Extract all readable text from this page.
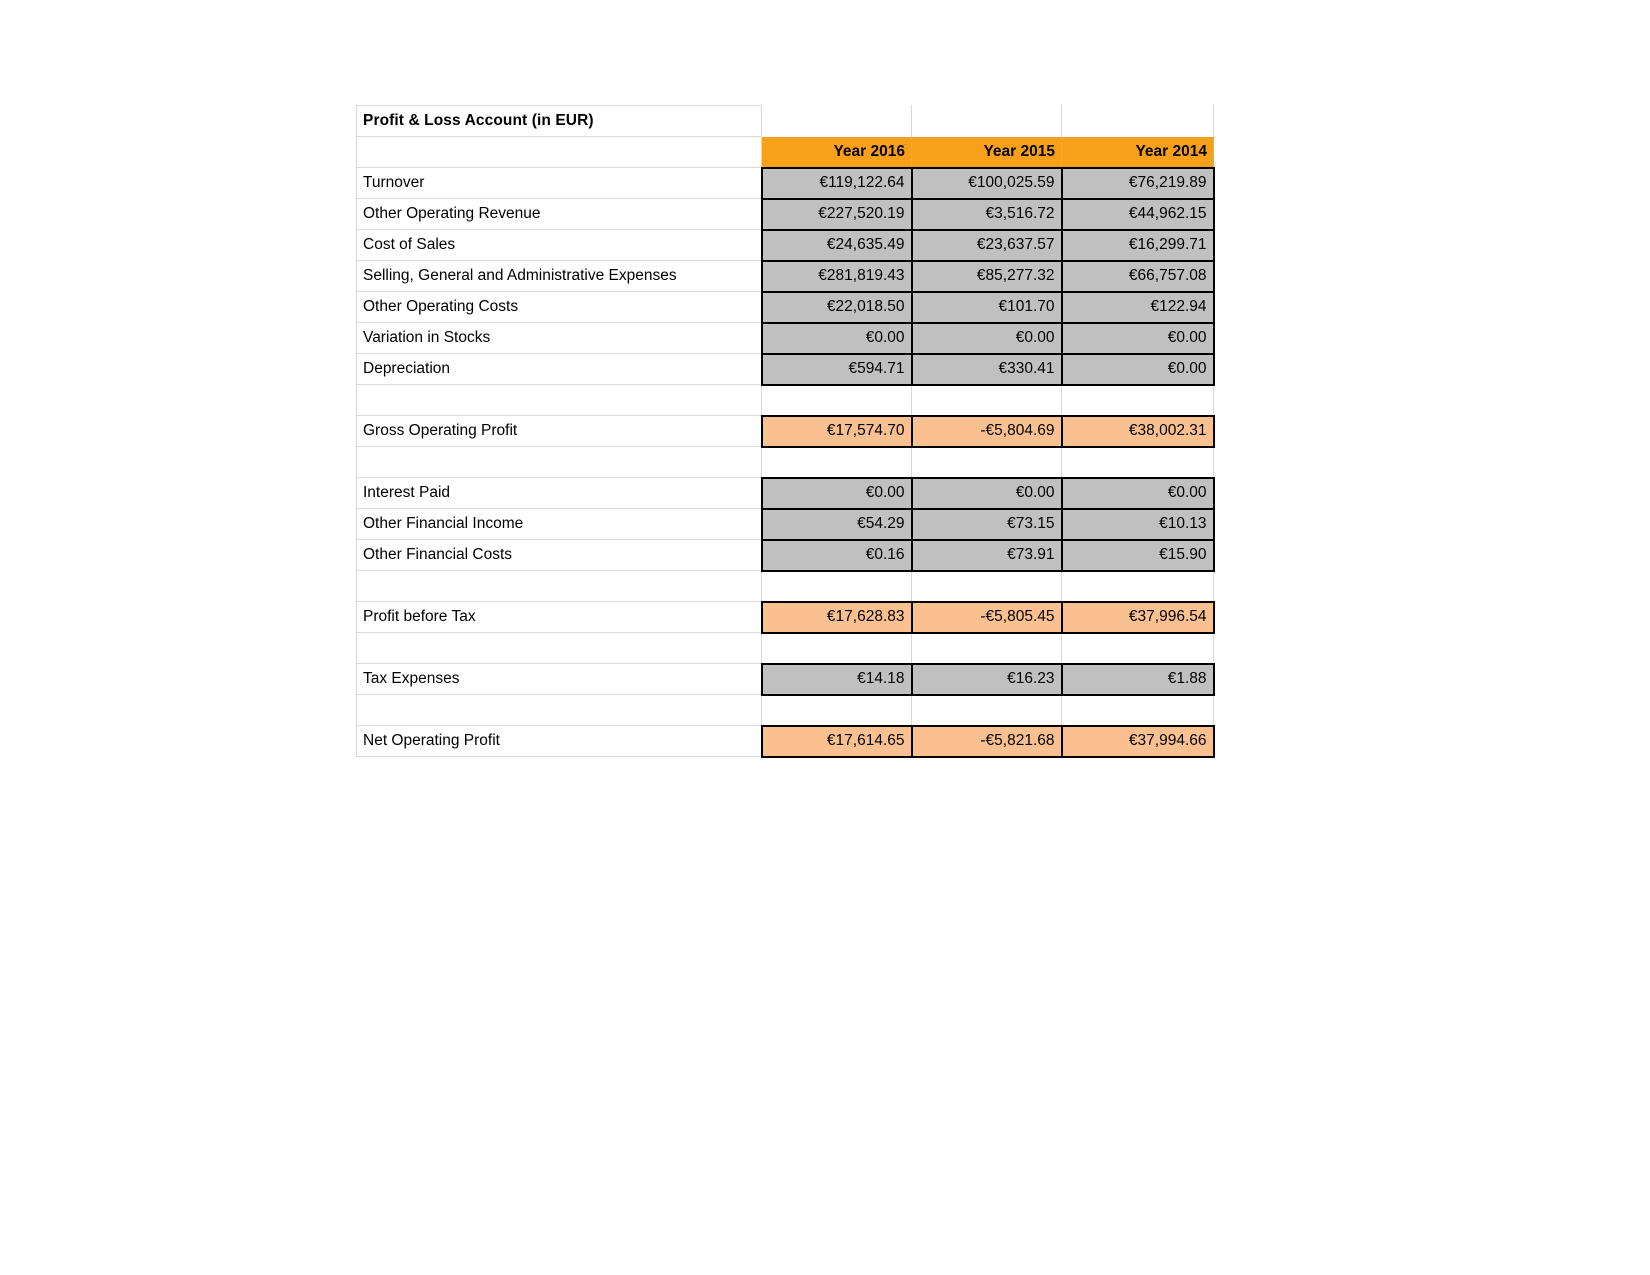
Profit & Loss Account (in EUR)			
	Year 2016	Year 2015	Year 2014
Turnover	€119,122.64	€100,025.59	€76,219.89
Other Operating Revenue	€227,520.19	€3,516.72	€44,962.15
Cost of Sales	€24,635.49	€23,637.57	€16,299.71
Selling, General and Administrative Expenses	€281,819.43	€85,277.32	€66,757.08
Other Operating Costs	€22,018.50	€101.70	€122.94
Variation in Stocks	€0.00	€0.00	€0.00
Depreciation	€594.71	€330.41	€0.00

Gross Operating Profit	€17,574.70	-€5,804.69	€38,002.31

Interest Paid	€0.00	€0.00	€0.00
Other Financial Income	€54.29	€73.15	€10.13
Other Financial Costs	€0.16	€73.91	€15.90

Profit before Tax	€17,628.83	-€5,805.45	€37,996.54

Tax Expenses	€14.18	€16.23	€1.88

Net Operating Profit	€17,614.65	-€5,821.68	€37,994.66
